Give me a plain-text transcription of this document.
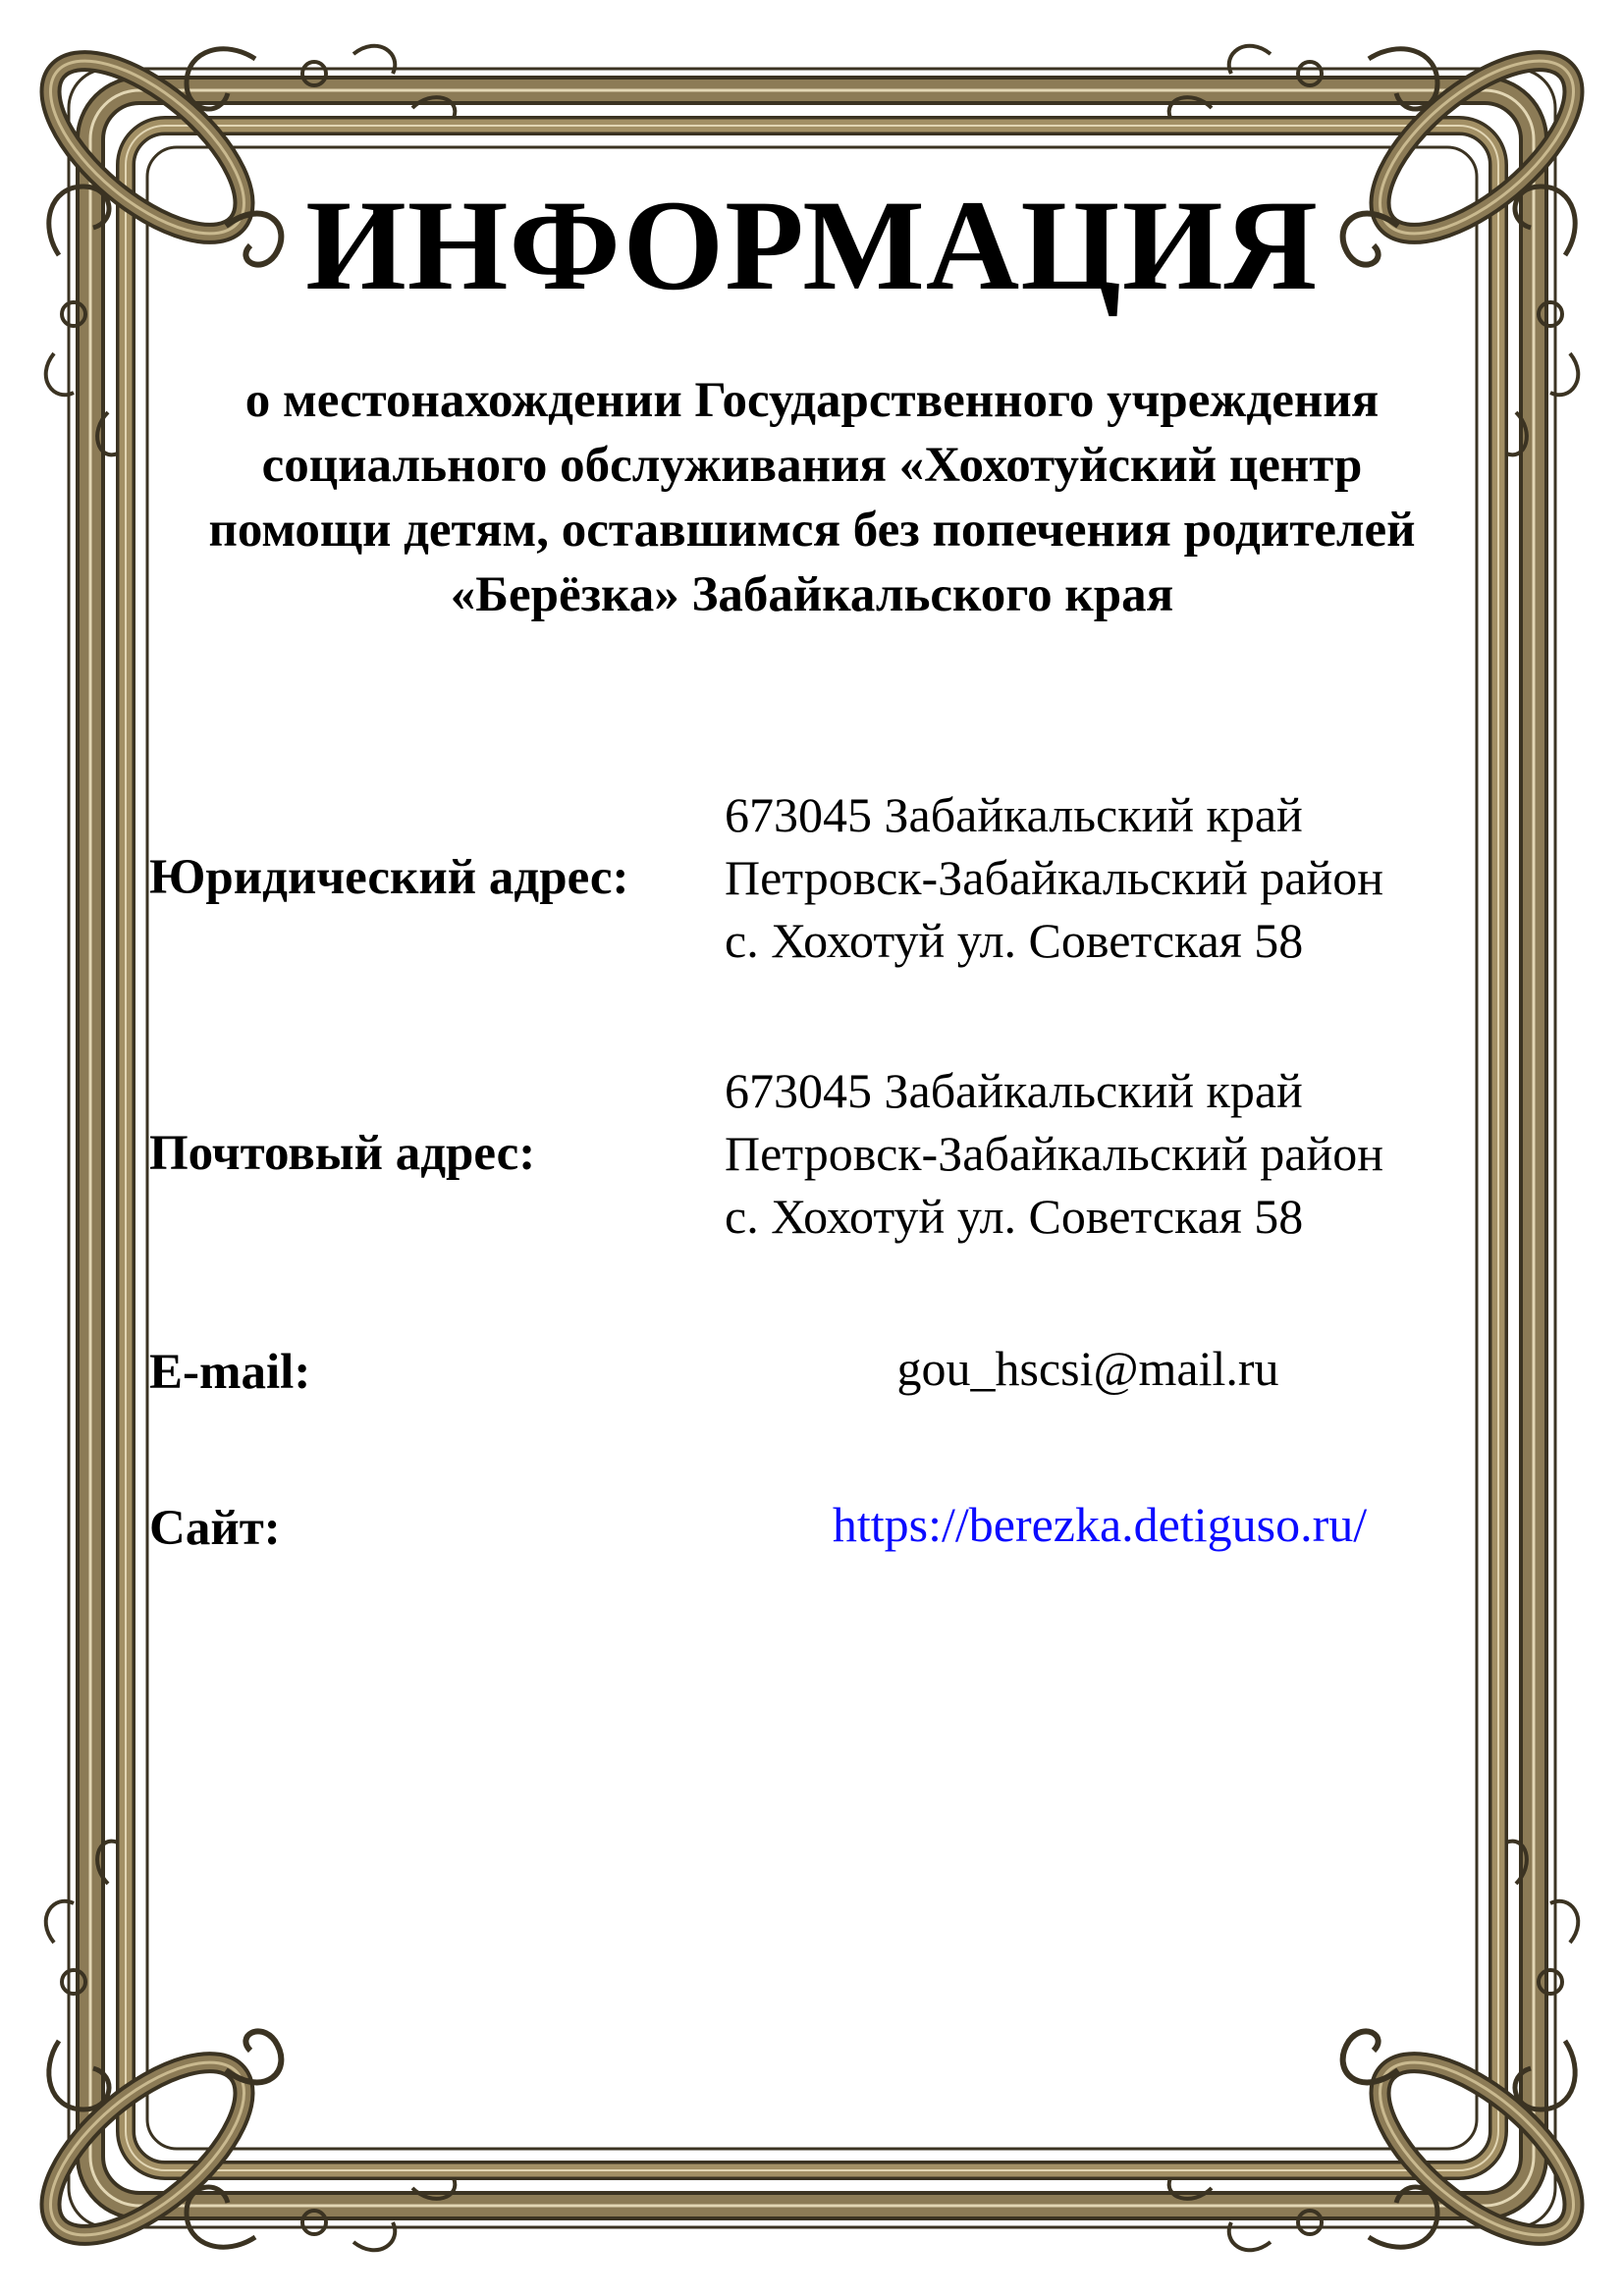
ИНФОРМАЦИЯ
о местонахождении Государственного учреждения
социального обслуживания «Хохотуйский центр
помощи детям, оставшимся без попечения родителей
«Берёзка» Забайкальского края
Юридический адрес:
673045 Забайкальский край
Петровск-Забайкальский район
с. Хохотуй ул. Советская 58
Почтовый адрес:
673045 Забайкальский край
Петровск-Забайкальский район
с. Хохотуй ул. Советская 58
E-mail:	gou_hscsi@mail.ru
Сайт:	https://berezka.detiguso.ru/
